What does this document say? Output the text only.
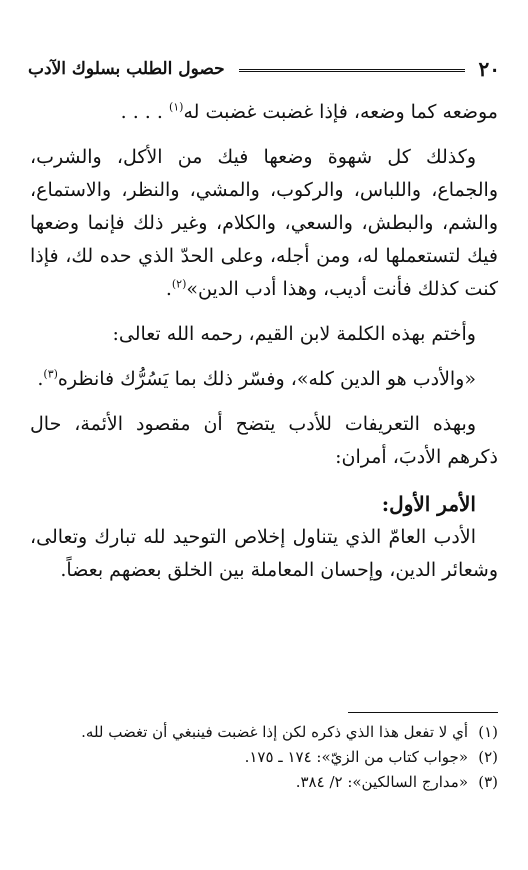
٢٠
حصول الطلب بسلوك الآدب

موضعه كما وضعه، فإذا غضبت غضبت له$^{(١)}$ . . . .

وكذلك كل شهوة وضعها فيك من الأكل، والشرب، والجماع، واللباس، والركوب، والمشي، والنظر، والاستماع، والشم، والبطش، والسعي، والكلام، وغير ذلك فإنما وضعها فيك لتستعملها له، ومن أجله، وعلى الحدّ الذي حده لك، فإذا كنت كذلك فأنت أديب، وهذا أدب الدين»$^{(٢)}$.

وأختم بهذه الكلمة لابن القيم، رحمه الله تعالى:

«والأدب هو الدين كله»، وفسّر ذلك بما يَسُرُّك فانظره$^{(٣)}$.

وبهذه التعريفات للأدب يتضح أن مقصود الأئمة، حال ذكرهم الأدبَ، أمران:

الأمر الأول:

الأدب العامّ الذي يتناول إخلاص التوحيد لله تبارك وتعالى، وشعائر الدين، وإحسان المعاملة بين الخلق بعضهم بعضاً.

(١)
أي لا تفعل هذا الذي ذكره لكن إذا غضبت فينبغي أن تغضب لله.
(٢)
«جواب كتاب من الزيّ»: ١٧٤ ـ ١٧٥.
(٣)
«مدارج السالكين»: ٢/ ٣٨٤.
